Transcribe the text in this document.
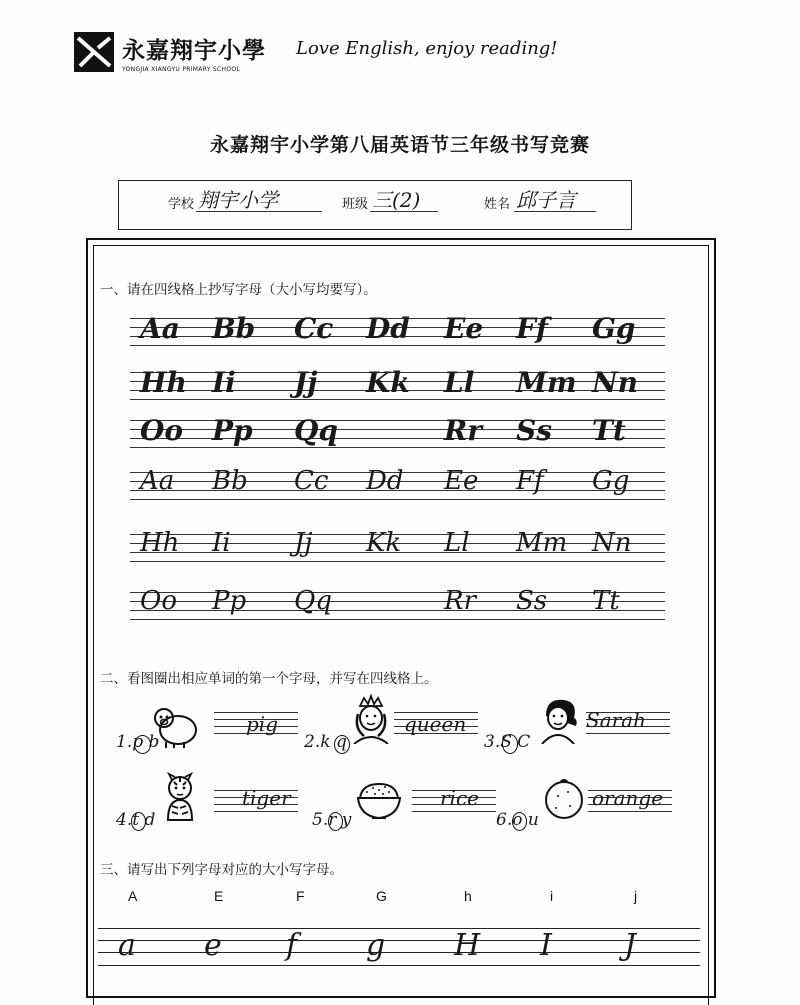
永嘉翔宇小學
YONGJIA XIANGYU PRIMARY SCHOOL
Love English, enjoy reading!
永嘉翔宇小学第八届英语节三年级书写竞赛
学校 翔宇小学	班级 三(2)	姓名 邱子言
一、请在四线格上抄写字母（大小写均要写）。
Aa Bb Cc Dd Ee Ff Gg
Hh Ii Jj Kk Ll Mm Nn
Oo Pp Qq	Rr Ss Tt
Aa Bb Cc Dd Ee Ff Gg
Hh Ii Jj Kk Ll Mm Nn
Oo Pp Qq	Rr Ss Tt
二、看图圈出相应单词的第一个字母，并写在四线格上。
1.p b
pig
2.k q
queen
3.S C
Sarah
4.t d
tiger
5.r y
rice
6.o u
orange
三、请写出下列字母对应的大小写字母。
A	E	F	G	h	i	j
a e f g H I J
